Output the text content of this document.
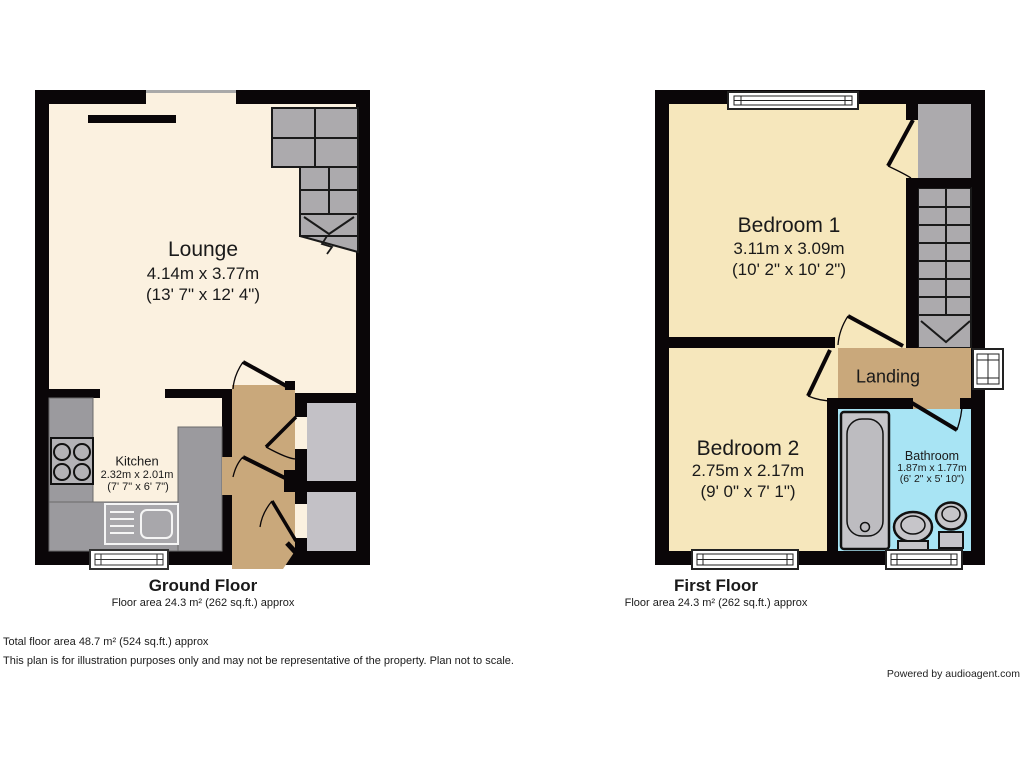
Lounge
4.14m x 3.77m
(13' 7" x 12' 4")
Kitchen
2.32m x 2.01m
(7' 7" x 6' 7")
Bedroom 1
3.11m x 3.09m
(10' 2" x 10' 2")
Bedroom 2
2.75m x 2.17m
(9' 0" x 7' 1")
Landing
Bathroom
1.87m x 1.77m
(6' 2" x 5' 10")
Ground Floor
Floor area 24.3 m² (262 sq.ft.) approx
First Floor
Floor area 24.3 m² (262 sq.ft.) approx
Total floor area 48.7 m² (524 sq.ft.) approx
This plan is for illustration purposes only and may not be representative of the property. Plan not to scale.
Powered by audioagent.com
